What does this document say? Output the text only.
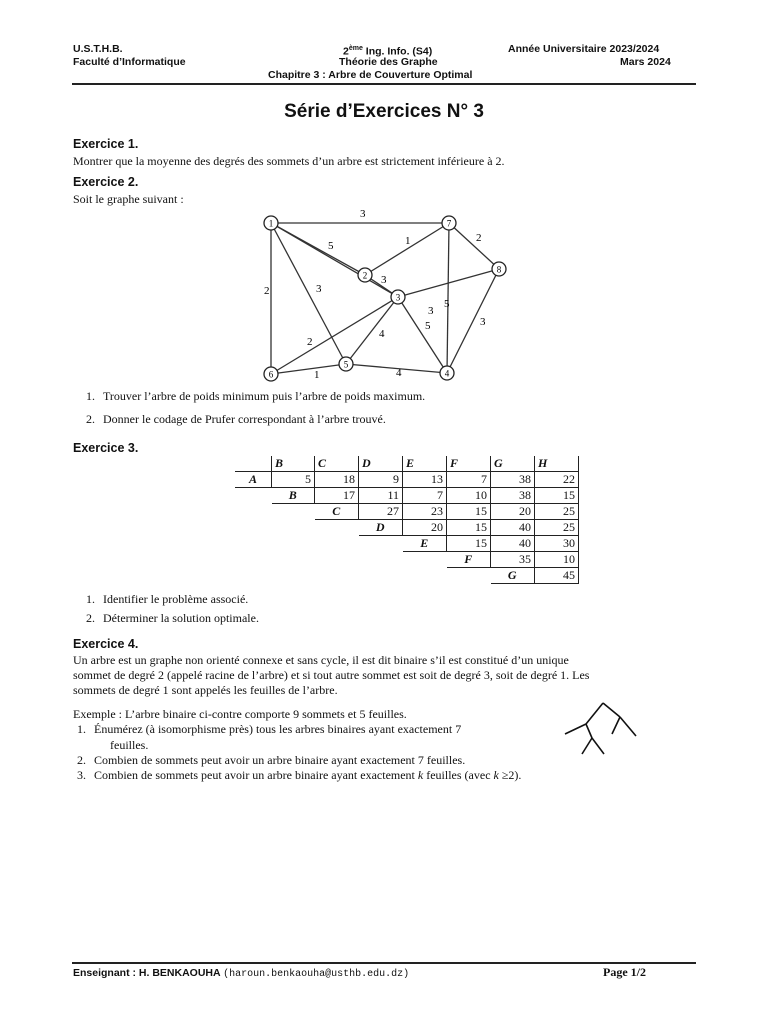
U.S.T.H.B.
Faculté d’Informatique
2ème Ing. Info. (S4)
Théorie des Graphe
Année Universitaire 2023/2024
Mars 2024
Chapitre 3 : Arbre de Couverture Optimal
Série d’Exercices N° 3
Exercice 1.
Montrer que la moyenne des degrés des sommets d’un arbre est strictement inférieure à 2.
Exercice 2.
Soit le graphe suivant :
3
5
2	3
1
3
2
5
3
4
5
2
3
1	4
1
2
3
4
5
6
7
8
1. Trouver l’arbre de poids minimum puis l’arbre de poids maximum.
2. Donner le codage de Prufer correspondant à l’arbre trouvé.
Exercice 3.
	B	C	D	E	F	G	H
A	5	18	9	13	7	38	22
	B	17	11	7	10	38	15
		C	27	23	15	20	25
			D	20	15	40	25
				E	15	40	30
					F	35	10
						G	45
1. Identifier le problème associé.
2. Déterminer la solution optimale.
Exercice 4.
Un arbre est un graphe non orienté connexe et sans cycle, il est dit binaire s’il est constitué d’un unique
sommet de degré 2 (appelé racine de l’arbre) et si tout autre sommet est soit de degré 3, soit de degré 1. Les
sommets de degré 1 sont appelés les feuilles de l’arbre.
Exemple : L’arbre binaire ci-contre comporte 9 sommets et 5 feuilles.
1. Énumérez (à isomorphisme près) tous les arbres binaires ayant exactement 7
feuilles.
2. Combien de sommets peut avoir un arbre binaire ayant exactement 7 feuilles.
3. Combien de sommets peut avoir un arbre binaire ayant exactement k feuilles (avec k ≥2).
Enseignant : H. BENKAOUHA (haroun.benkaouha@usthb.edu.dz)	Page 1/2
